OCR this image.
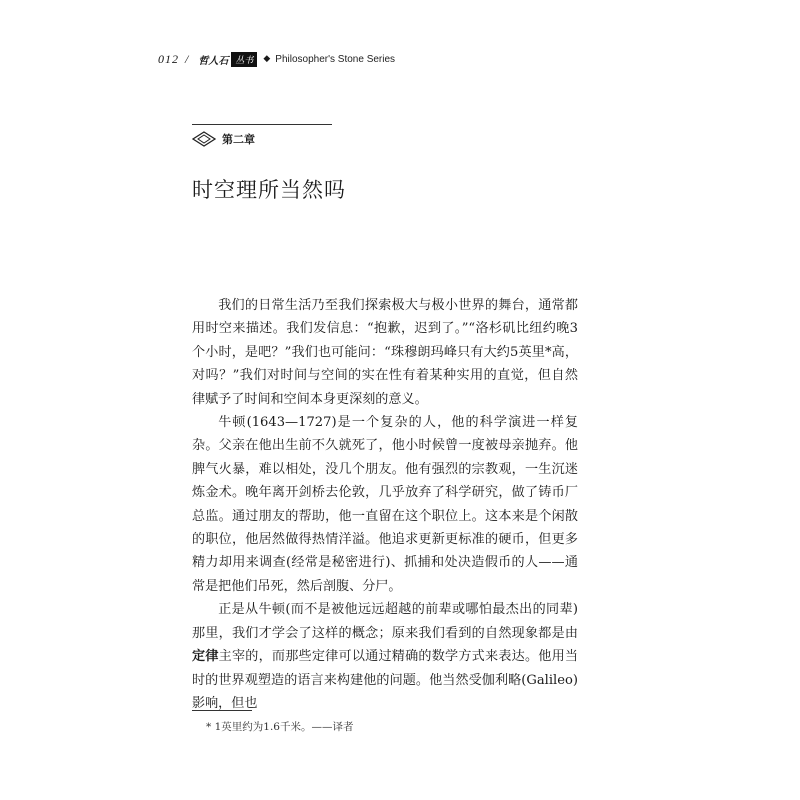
012 / 哲人石 丛书	◆ Philosopher's Stone Series
第二章
时空理所当然吗

我们的日常生活乃至我们探索极大与极小世界的舞台，通常都用时空来描述。我们发信息：“抱歉，迟到了。”“洛杉矶比纽约晚3个小时，是吧？”我们也可能问：“珠穆朗玛峰只有大约5英里*高，对吗？”我们对时间与空间的实在性有着某种实用的直觉，但自然律赋予了时间和空间本身更深刻的意义。

牛顿(1643—1727)是一个复杂的人，他的科学演进一样复杂。父亲在他出生前不久就死了，他小时候曾一度被母亲抛弃。他脾气火暴，难以相处，没几个朋友。他有强烈的宗教观，一生沉迷炼金术。晚年离开剑桥去伦敦，几乎放弃了科学研究，做了铸币厂总监。通过朋友的帮助，他一直留在这个职位上。这本来是个闲散的职位，他居然做得热情洋溢。他追求更新更标准的硬币，但更多精力却用来调查(经常是秘密进行)、抓捕和处决造假币的人——通常是把他们吊死，然后剖腹、分尸。

正是从牛顿(而不是被他远远超越的前辈或哪怕最杰出的同辈)那里，我们才学会了这样的概念；原来我们看到的自然现象都是由定律主宰的，而那些定律可以通过精确的数学方式来表达。他用当时的世界观塑造的语言来构建他的问题。他当然受伽利略(Galileo)影响，但也

* 1英里约为1.6千米。——译者
